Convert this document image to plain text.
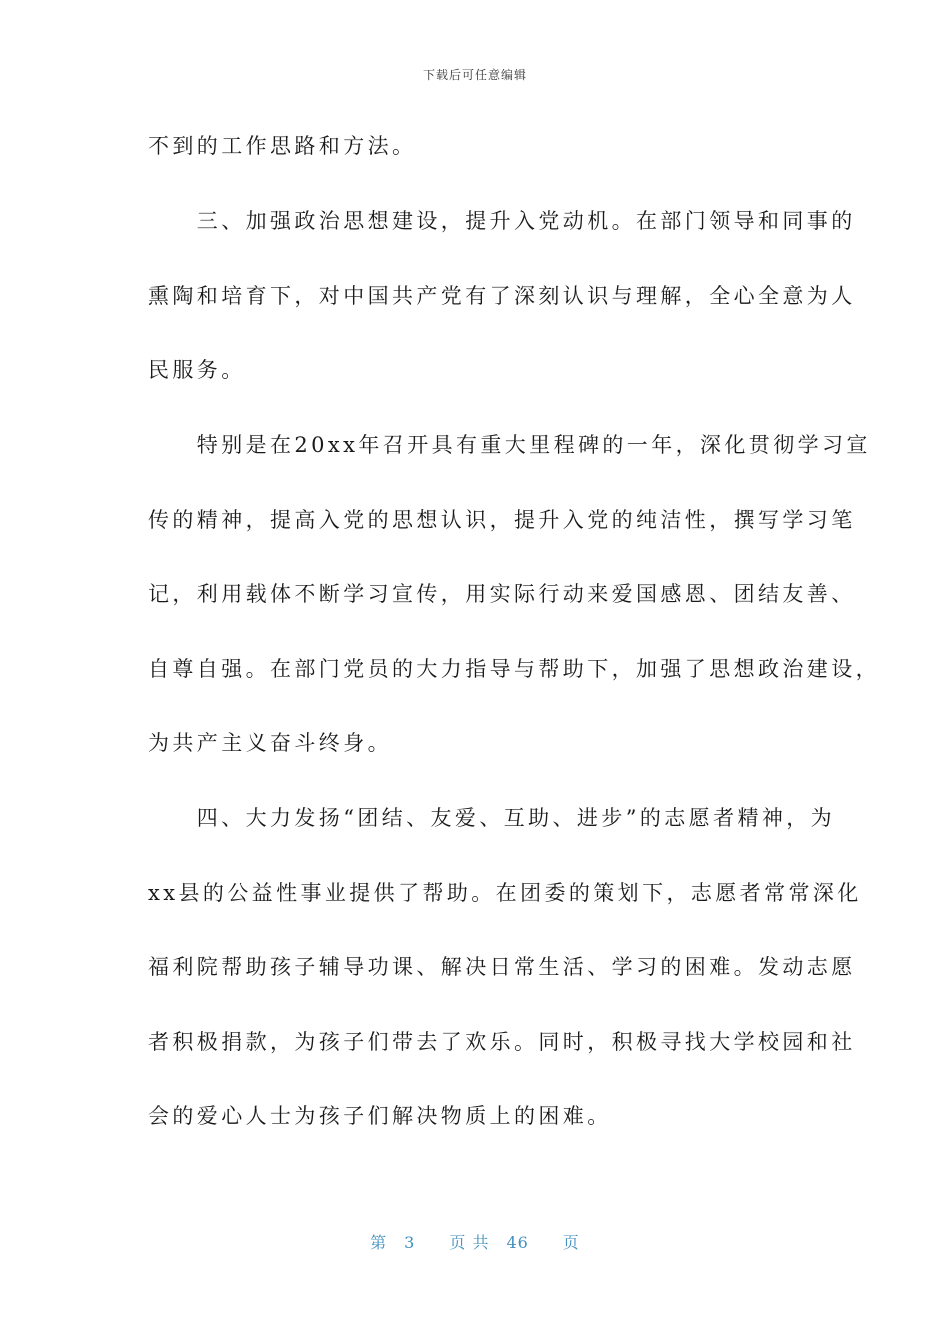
下载后可任意编辑
不到的工作思路和方法。
　　三、加强政治思想建设，提升入党动机。在部门领导和同事的
熏陶和培育下，对中国共产党有了深刻认识与理解，全心全意为人
民服务。
　　特别是在20xx年召开具有重大里程碑的一年，深化贯彻学习宣
传的精神，提高入党的思想认识，提升入党的纯洁性，撰写学习笔
记，利用载体不断学习宣传，用实际行动来爱国感恩、团结友善、
自尊自强。在部门党员的大力指导与帮助下，加强了思想政治建设，
为共产主义奋斗终身。
　　四、大力发扬“团结、友爱、互助、进步”的志愿者精神，为
xx县的公益性事业提供了帮助。在团委的策划下，志愿者常常深化
福利院帮助孩子辅导功课、解决日常生活、学习的困难。发动志愿
者积极捐款，为孩子们带去了欢乐。同时，积极寻找大学校园和社
会的爱心人士为孩子们解决物质上的困难。
第　3　　页 共　46　　页
